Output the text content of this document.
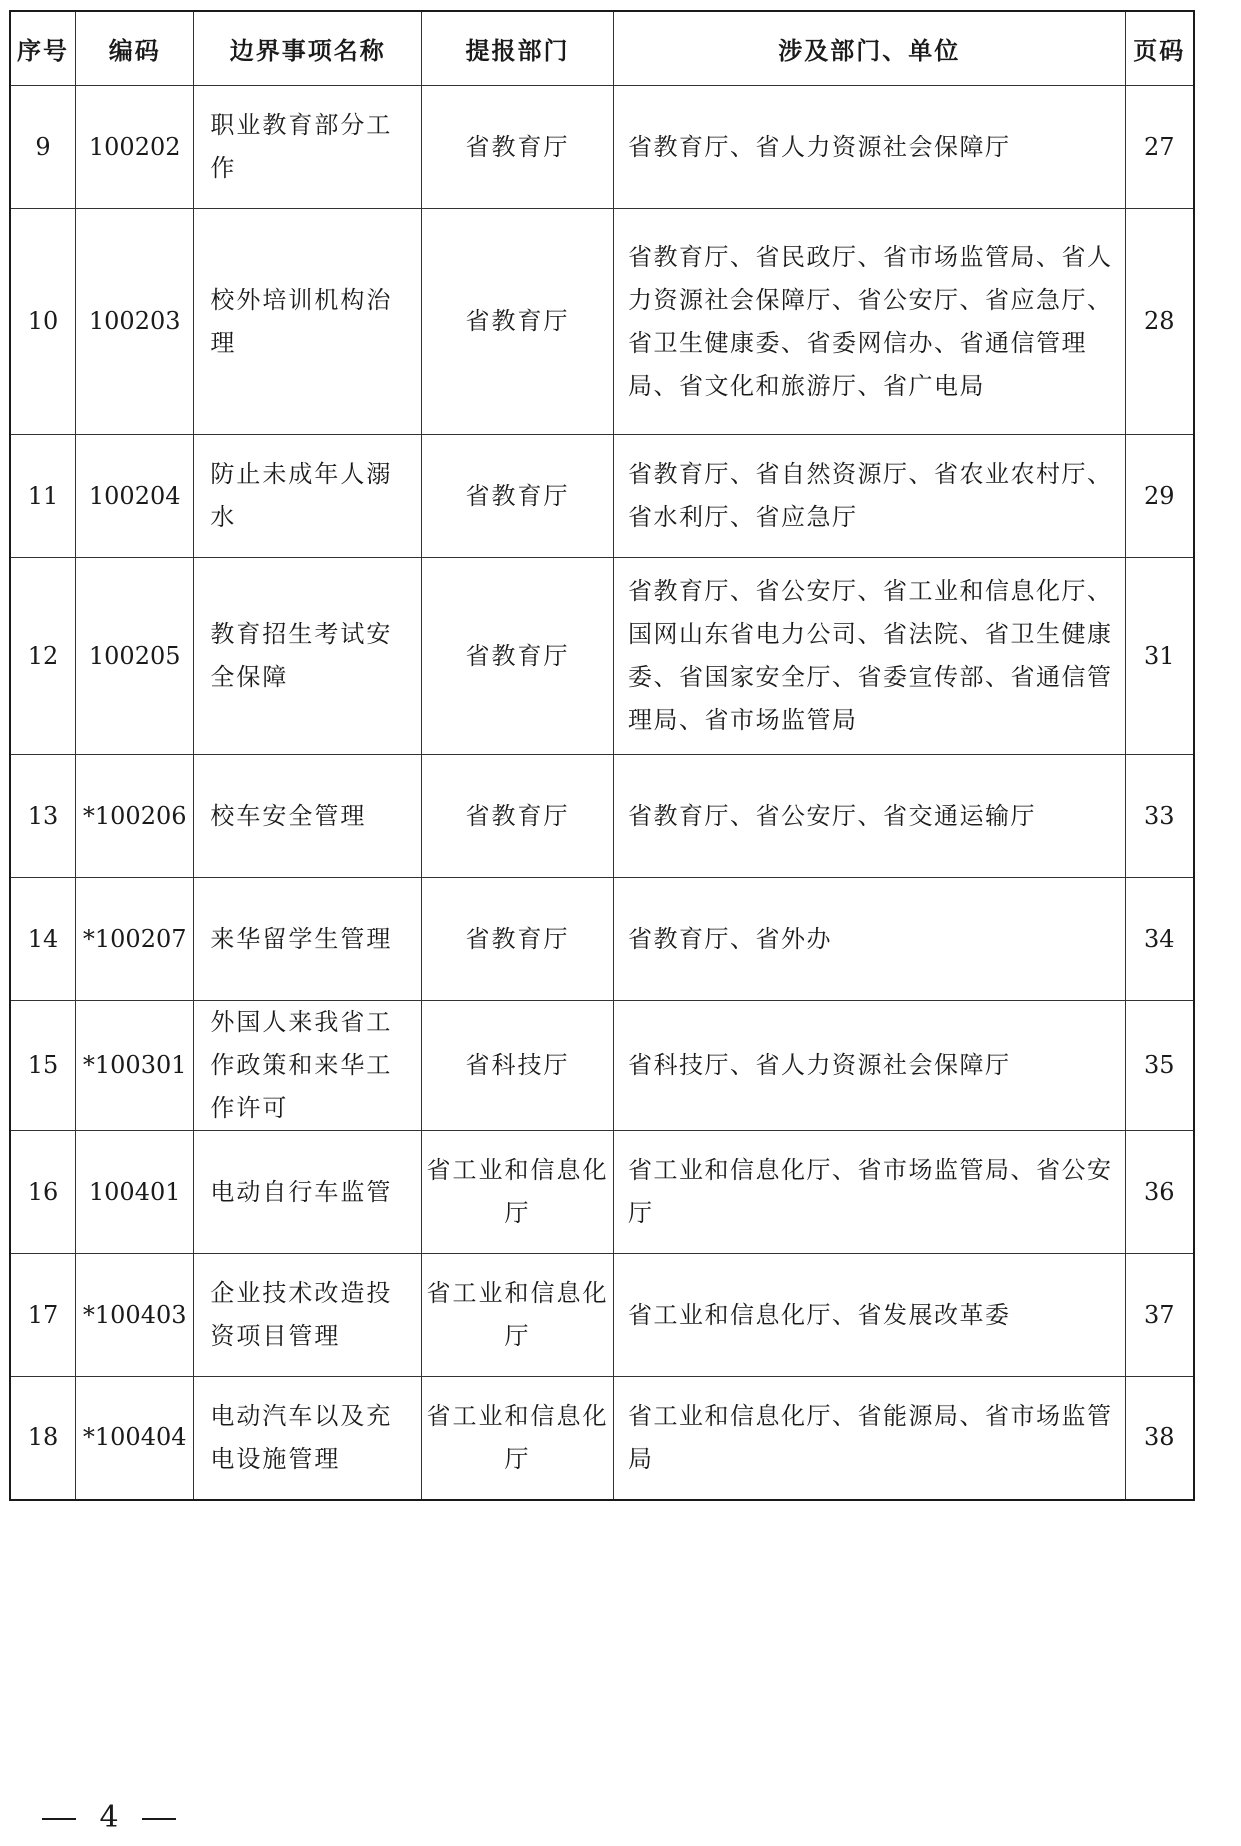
序号	编码	边界事项名称	提报部门	涉及部门、单位	页码
9	100202	职业教育部分工作	省教育厅	省教育厅、省人力资源社会保障厅	27
10	100203	校外培训机构治理	省教育厅	省教育厅、省民政厅、省市场监管局、省人力资源社会保障厅、省公安厅、省应急厅、省卫生健康委、省委网信办、省通信管理局、省文化和旅游厅、省广电局	28
11	100204	防止未成年人溺水	省教育厅	省教育厅、省自然资源厅、省农业农村厅、省水利厅、省应急厅	29
12	100205	教育招生考试安全保障	省教育厅	省教育厅、省公安厅、省工业和信息化厅、国网山东省电力公司、省法院、省卫生健康委、省国家安全厅、省委宣传部、省通信管理局、省市场监管局	31
13	*100206	校车安全管理	省教育厅	省教育厅、省公安厅、省交通运输厅	33
14	*100207	来华留学生管理	省教育厅	省教育厅、省外办	34
15	*100301	外国人来我省工作政策和来华工作许可	省科技厅	省科技厅、省人力资源社会保障厅	35
16	100401	电动自行车监管	省工业和信息化厅	省工业和信息化厅、省市场监管局、省公安厅	36
17	*100403	企业技术改造投资项目管理	省工业和信息化厅	省工业和信息化厅、省发展改革委	37
18	*100404	电动汽车以及充电设施管理	省工业和信息化厅	省工业和信息化厅、省能源局、省市场监管局	38
4
